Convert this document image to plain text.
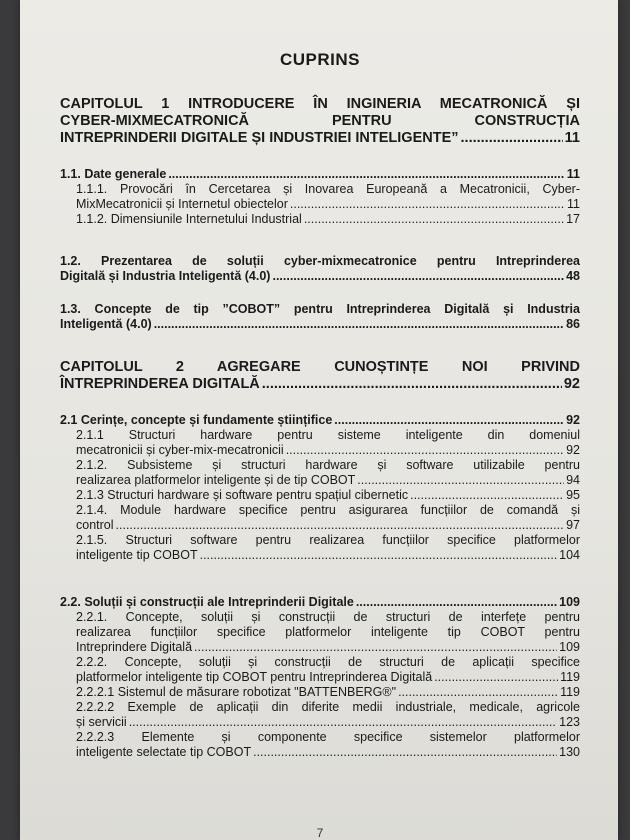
CUPRINS
CAPITOLUL 1 INTRODUCERE ÎN INGINERIA MECATRONICĂ ȘI
CYBER-MIXMECATRONICĂ PENTRU CONSTRUCȚIA
INTREPRINDERII DIGITALE ȘI INDUSTRIEI INTELIGENTE” .....	11
1.1. Date generale .....	11
1.1.1. Provocări în Cercetarea și Inovarea Europeană a Mecatronicii, Cyber-
MixMecatronicii și Internetul obiectelor .....	11
1.1.2. Dimensiunile Internetului Industrial .....	17
1.2. Prezentarea de soluții cyber-mixmecatronice pentru Intreprinderea
Digitală și Industria Inteligentă (4.0) .....	48
1.3. Concepte de tip ”COBOT” pentru Intreprinderea Digitală și Industria
Inteligentă (4.0) .....	86
CAPITOLUL 2 AGREGARE CUNOȘTINȚE NOI PRIVIND
ÎNTREPRINDEREA DIGITALĂ .....	92
2.1 Cerințe, concepte și fundamente științifice .....	92
2.1.1 Structuri hardware pentru sisteme inteligente din domeniul
mecatronicii și cyber-mix-mecatronicii .....	92
2.1.2. Subsisteme și structuri hardware și software utilizabile pentru
realizarea platformelor inteligente și de tip COBOT .....	94
2.1.3 Structuri hardware și software pentru spațiul cibernetic .....	95
2.1.4. Module hardware specifice pentru asigurarea funcțiilor de comandă și
control .....	97
2.1.5. Structuri software pentru realizarea funcțiilor specifice platformelor
inteligente tip COBOT .....	104
2.2. Soluții și construcții ale Intreprinderii Digitale .....	109
2.2.1. Concepte, soluții și construcții de structuri de interfețe pentru
realizarea funcțiilor specifice platformelor inteligente tip COBOT pentru
Intreprindere Digitală .....	109
2.2.2. Concepte, soluții și construcții de structuri de aplicații specifice
platformelor inteligente tip COBOT pentru Intreprinderea Digitală .....	119
2.2.2.1 Sistemul de măsurare robotizat "BATTENBERG®" .....	119
2.2.2.2 Exemple de aplicații din diferite medii industriale, medicale, agricole
și servicii .....	123
2.2.2.3 Elemente și componente specifice sistemelor platformelor
inteligente selectate tip COBOT .....	130
7
